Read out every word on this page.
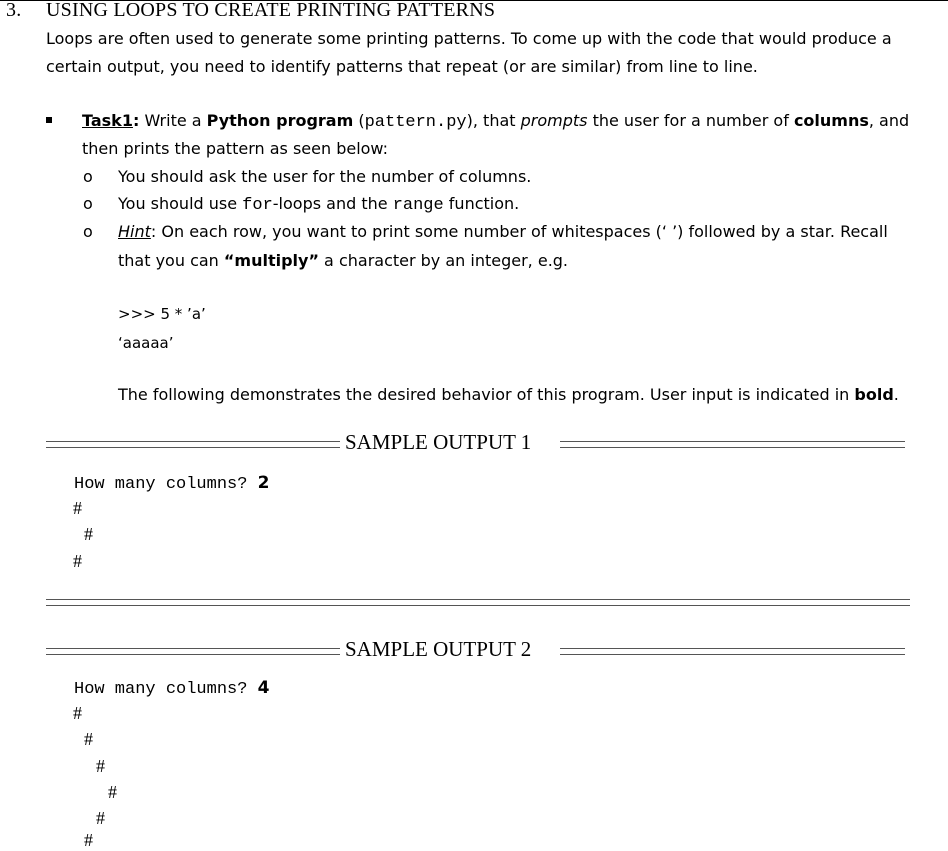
3. USING LOOPS TO CREATE PRINTING PATTERNS
Loops are often used to generate some printing patterns. To come up with the code that would produce a
certain output, you need to identify patterns that repeat (or are similar) from line to line.
Task1: Write a Python program (pattern.py), that prompts the user for a number of columns, and
then prints the pattern as seen below:
o You should ask the user for the number of columns.
o You should use for-loops and the range function.
o Hint: On each row, you want to print some number of whitespaces (‘ ’) followed by a star. Recall
that you can “multiply” a character by an integer, e.g.
>>> 5 * ’a’
‘aaaaa’
The following demonstrates the desired behavior of this program. User input is indicated in bold.
SAMPLE OUTPUT 1
How many columns? 2
#
#
#
SAMPLE OUTPUT 2
How many columns? 4
#
#
#
#
#
#
